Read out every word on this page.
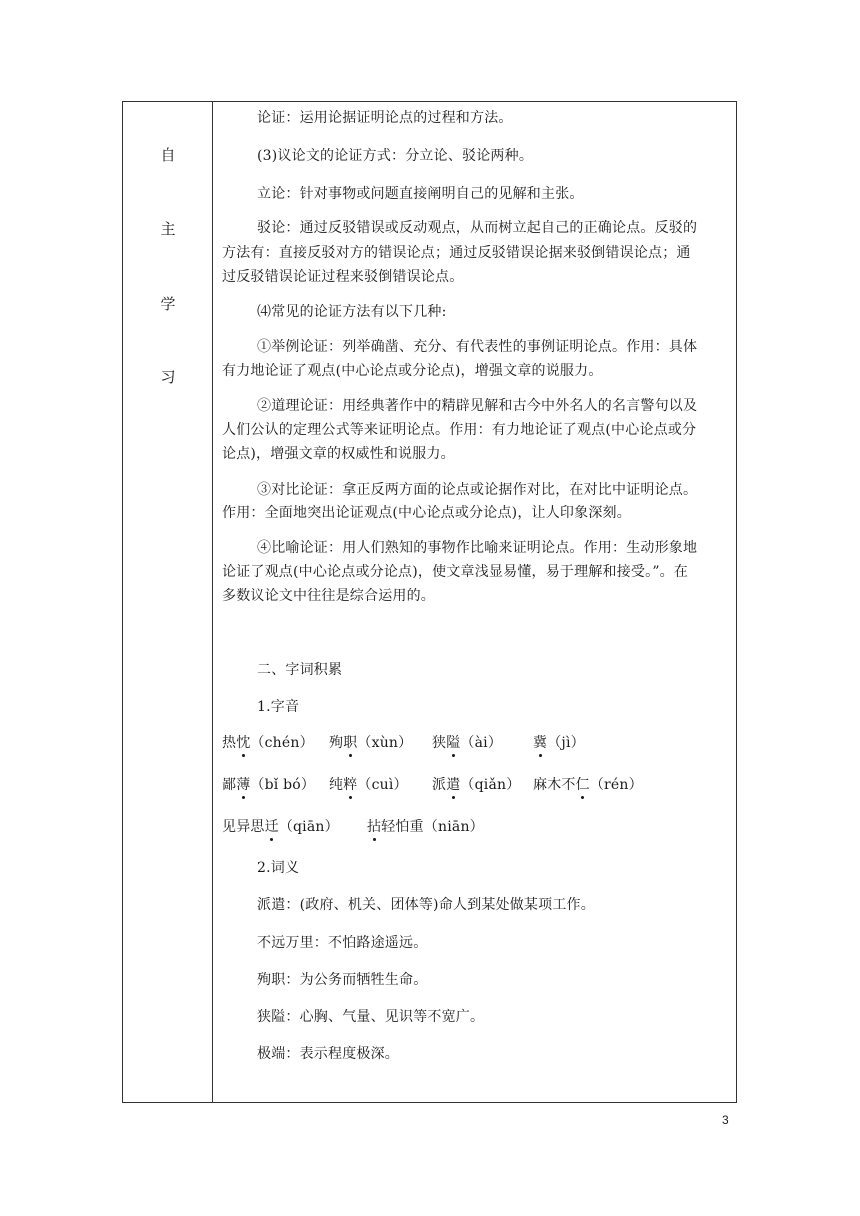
自
主
学
习
论证：运用论据证明论点的过程和方法。
(3)议论文的论证方式：分立论、驳论两种。
立论：针对事物或问题直接阐明自己的见解和主张。
驳论：通过反驳错误或反动观点，从而树立起自己的正确论点。反驳的
方法有：直接反驳对方的错误论点；通过反驳错误论据来驳倒错误论点；通
过反驳错误论证过程来驳倒错误论点。
⑷常见的论证方法有以下几种:
①举例论证：列举确凿、充分、有代表性的事例证明论点。作用：具体
有力地论证了观点(中心论点或分论点)，增强文章的说服力。
②道理论证：用经典著作中的精辟见解和古今中外名人的名言警句以及
人们公认的定理公式等来证明论点。作用：有力地论证了观点(中心论点或分
论点)，增强文章的权威性和说服力。
③对比论证：拿正反两方面的论点或论据作对比，在对比中证明论点。
作用：全面地突出论证观点(中心论点或分论点)，让人印象深刻。
④比喻论证：用人们熟知的事物作比喻来证明论点。作用：生动形象地
论证了观点(中心论点或分论点)，使文章浅显易懂，易于理解和接受。”。在
多数议论文中往往是综合运用的。
二、字词积累
1.字音
热忱（chén） 殉职（xùn） 狭隘（ài） 冀（jì）
鄙薄（bǐ bó） 纯粹（cuì） 派遣（qiǎn） 麻木不仁（rén）
见异思迁（qiān） 拈轻怕重（niān）
2.词义
派遣：(政府、机关、团体等)命人到某处做某项工作。
不远万里：不怕路途遥远。
殉职：为公务而牺牲生命。
狭隘：心胸、气量、见识等不宽广。
极端：表示程度极深。
3
